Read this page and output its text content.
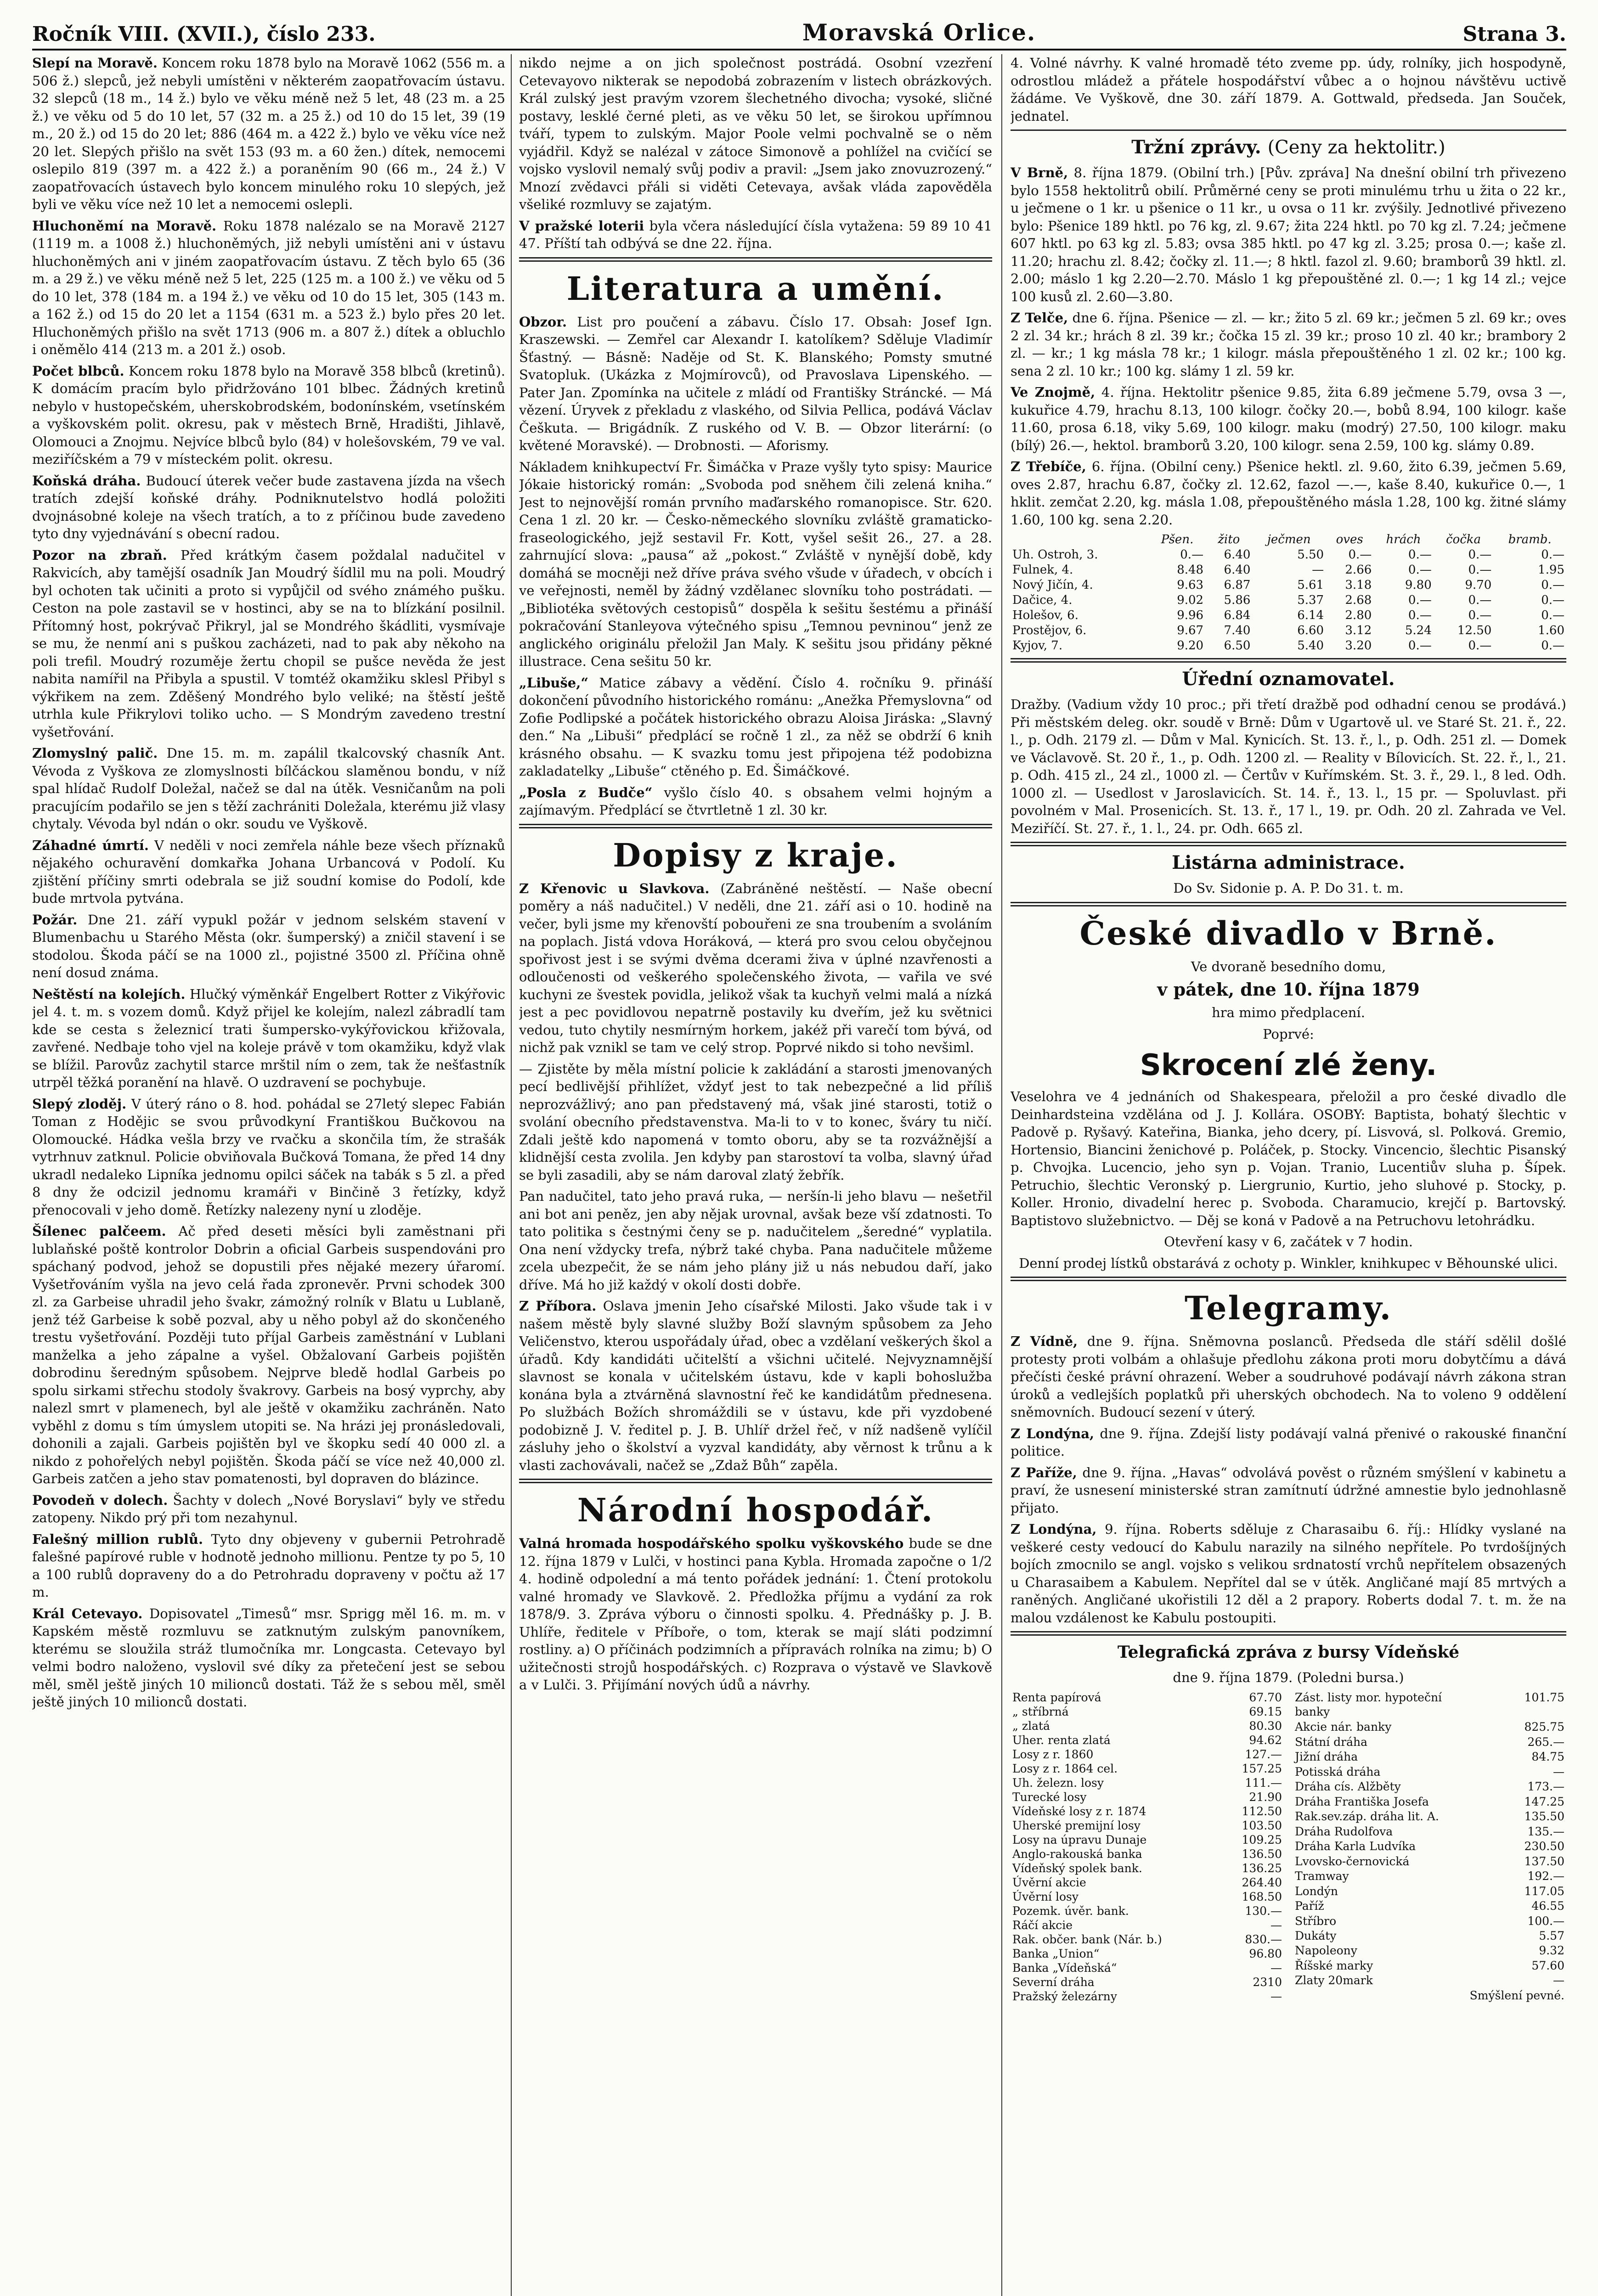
Ročník VIII. (XVII.), číslo 233.	Moravská Orlice.	Strana 3.

Slepí na Moravě. Koncem roku 1878 bylo na Moravě 1062 (556 m. a 506 ž.) slepců, jež nebyli umístěni v některém zaopatřovacím ústavu. 32 slepců (18 m., 14 ž.) bylo ve věku méně než 5 let, 48 (23 m. a 25 ž.) ve věku od 5 do 10 let, 57 (32 m. a 25 ž.) od 10 do 15 let, 39 (19 m., 20 ž.) od 15 do 20 let; 886 (464 m. a 422 ž.) bylo ve věku více než 20 let. Slepých přišlo na svět 153 (93 m. a 60 žen.) dítek, nemocemi oslepilo 819 (397 m. a 422 ž.) a poraněním 90 (66 m., 24 ž.) V zaopatřovacích ústavech bylo koncem minulého roku 10 slepých, jež byli ve věku více než 10 let a nemocemi oslepli.

Hluchoněmí na Moravě. Roku 1878 nalézalo se na Moravě 2127 (1119 m. a 1008 ž.) hluchoněmých, již nebyli umístěni ani v ústavu hluchoněmých ani v jiném zaopatřovacím ústavu. Z těch bylo 65 (36 m. a 29 ž.) ve věku méně než 5 let, 225 (125 m. a 100 ž.) ve věku od 5 do 10 let, 378 (184 m. a 194 ž.) ve věku od 10 do 15 let, 305 (143 m. a 162 ž.) od 15 do 20 let a 1154 (631 m. a 523 ž.) bylo přes 20 let. Hluchoněmých přišlo na svět 1713 (906 m. a 807 ž.) dítek a obluchlo i oněmělo 414 (213 m. a 201 ž.) osob.

Počet blbců. Koncem roku 1878 bylo na Moravě 358 blbců (kretinů). K domácím pracím bylo přidržováno 101 blbec. Žádných kretinů nebylo v hustopečském, uherskobrodském, bodonínském, vsetínském a vyškovském polit. okresu, pak v městech Brně, Hradišti, Jihlavě, Olomouci a Znojmu. Nejvíce blbců bylo (84) v holešovském, 79 ve val. meziříčském a 79 v místeckém polit. okresu.

Koňská dráha. Budoucí úterek večer bude zastavena jízda na všech tratích zdejší koňské dráhy. Podniknutelstvo hodlá položiti dvojnásobné koleje na všech tratích, a to z příčinou bude zavedeno tyto dny vyjednávání s obecní radou.

Pozor na zbraň. Před krátkým časem poždalal nadučitel v Rakvicích, aby tamější osadník Jan Moudrý šídlil mu na poli. Moudrý byl ochoten tak učiniti a proto si vypůjčil od svého známého pušku. Ceston na pole zastavil se v hostinci, aby se na to blízkání posilnil. Přítomný host, pokrývač Přikryl, jal se Mondrého škádliti, vysmívaje se mu, že nenmí ani s puškou zacházeti, nad to pak aby někoho na poli trefil. Moudrý rozuměje žertu chopil se pušce nevěda že jest nabita namířil na Přibyla a spustil. V tomtéž okamžiku sklesl Přibyl s výkřikem na zem. Zděšený Mondrého bylo veliké; na štěstí ještě utrhla kule Přikrylovi toliko ucho. — S Mondrým zavedeno trestní vyšetřování.

Zlomyslný palič. Dne 15. m. m. zapálil tkalcovský chasník Ant. Vévoda z Vyškova ze zlomyslnosti bílčáckou slaměnou bondu, v níž spal hlídač Rudolf Doležal, načež se dal na útěk. Vesničanům na poli pracujícím podařilo se jen s těží zachrániti Doležala, kterému již vlasy chytaly. Vévoda byl ndán o okr. soudu ve Vyškově.

Záhadné úmrtí. V neděli v noci zemřela náhle beze všech příznaků nějakého ochuravění domkařka Johana Urbancová v Podolí. Ku zjištění příčiny smrti odebrala se již soudní komise do Podolí, kde bude mrtvola pytvána.

Požár. Dne 21. září vypukl požár v jednom selském stavení v Blumenbachu u Starého Města (okr. šumperský) a zničil stavení i se stodolou. Škoda páčí se na 1000 zl., pojistné 3500 zl. Příčina ohně není dosud známa.

Neštěstí na kolejích. Hlučký výměnkář Engelbert Rotter z Vikýřovic jel 4. t. m. s vozem domů. Když přijel ke kolejím, nalezl zábradlí tam kde se cesta s železnicí trati šumpersko-vykýřovickou křižovala, zavřené. Nedbaje toho vjel na koleje právě v tom okamžiku, když vlak se blížil. Parovůz zachytil starce mrštil ním o zem, tak že nešťastník utrpěl těžká poranění na hlavě. O uzdravení se pochybuje.

Slepý zloděj. V úterý ráno o 8. hod. pohádal se 27letý slepec Fabián Toman z Hodějic se svou průvodkyní Františkou Bučkovou na Olomoucké. Hádka vešla brzy ve rvačku a skončila tím, že strašák vytrhnuv zatknul. Policie obviňovala Bučková Tomana, že před 14 dny ukradl nedaleko Lipníka jednomu opilci sáček na tabák s 5 zl. a před 8 dny že odcizil jednomu kramáři v Binčině 3 řetízky, když přenocovali v jeho domě. Řetízky nalezeny nyní u zloděje.

Šílenec palčeem. Ač před deseti měsíci byli zaměstnani při lublaňské poště kontrolor Dobrin a oficial Garbeis suspendováni pro spáchaný podvod, jehož se dopustili přes nějaké mezery úřaromí. Vyšetřováním vyšla na jevo celá řada zpronevěr. Prvni schodek 300 zl. za Garbeise uhradil jeho švakr, zámožný rolník v Blatu u Lublaně, jenž též Garbeise k sobě pozval, aby u něho pobyl až do skončeného trestu vyšetřování. Později tuto příjal Garbeis zaměstnání v Lublani manželka a jeho zápalne a vyšel. Obžalovaní Garbeis pojištěn dobrodinu šeredným spůsobem. Nejprve bledě hodlal Garbeis po spolu sirkami střechu stodoly švakrovy. Garbeis na bosý vyprchy, aby nalezl smrt v plamenech, byl ale ještě v okamžiku zachráněn. Nato vyběhl z domu s tím úmyslem utopiti se. Na hrázi jej pronásledovali, dohonili a zajali. Garbeis pojištěn byl ve škopku sedí 40 000 zl. a nikdo z pohořelých nebyl pojištěn. Škoda páčí se více než 40,000 zl. Garbeis zatčen a jeho stav pomatenosti, byl dopraven do blázince.

Povodeň v dolech. Šachty v dolech „Nové Boryslavi“ byly ve středu zatopeny. Nikdo prý při tom nezahynul.

Falešný million rublů. Tyto dny objeveny v gubernii Petrohradě falešné papírové ruble v hodnotě jednoho millionu. Pentze ty po 5, 10 a 100 rublů dopraveny do a do Petrohradu dopraveny v počtu až 17 m.

Král Cetevayo. Dopisovatel „Timesů“ msr. Sprigg měl 16. m. m. v Kapském městě rozmluvu se zatknutým zulským panovníkem, kterému se sloužila stráž tlumočníka mr. Longcasta. Cetevayo byl velmi bodro naloženo, vyslovil své díky za přetečení jest se sebou měl, směl ještě jiných 10 milionců dostati. Táž že s sebou měl, směl ještě jiných 10 milionců dostati.

nikdo nejme a on jich společnost postrádá. Osobní vzezření Cetevayovo nikterak se nepodobá zobrazením v listech obrázkových. Král zulský jest pravým vzorem šlechetného divocha; vysoké, sličné postavy, lesklé černé pleti, as ve věku 50 let, se širokou upřímnou tváří, typem to zulským. Major Poole velmi pochvalně se o něm vyjádřil. Když se nalézal v zátoce Simonově a pohlížel na cvičící se vojsko vyslovil nemalý svůj podiv a pravil: „Jsem jako znovuzrozený.“ Mnozí zvědavci přáli si viděti Cetevaya, avšak vláda zapověděla všeliké rozmluvy se zajatým.

V pražské loterii byla včera následující čísla vytažena: 59 89 10 41 47. Příští tah odbývá se dne 22. října.

Literatura a umění.

Obzor. List pro poučení a zábavu. Číslo 17. Obsah: Josef Ign. Kraszewski. — Zemřel car Alexandr I. katolíkem? Sděluje Vladimír Šťastný. — Básně: Naděje od St. K. Blanského; Pomsty smutné Svatopluk. (Ukázka z Mojmírovců), od Pravoslava Lipenského. — Pater Jan. Zpomínka na učitele z mládí od Františky Stráncké. — Má vězení. Úryvek z překladu z vlaského, od Silvia Pellica, podává Václav Češkuta. — Brigádník. Z ruského od V. B. — Obzor literární: (o květené Moravské). — Drobnosti. — Aforismy.

Nákladem knihkupectví Fr. Šimáčka v Praze vyšly tyto spisy: Maurice Jókaie historický román: „Svoboda pod sněhem čili zelená kniha.“ Jest to nejnovější román prvního maďarského romanopisce. Str. 620. Cena 1 zl. 20 kr. — Česko-německého slovníku zvláště gramaticko-fraseologického, jejž sestavil Fr. Kott, vyšel sešit 26., 27. a 28. zahrnující slova: „pausa“ až „pokost.“ Zvláště v nynější době, kdy domáhá se mocněji než dříve práva svého všude v úřadech, v obcích i ve veřejnosti, neměl by žádný vzdělanec slovníku toho postrádati. — „Bibliotéka světových cestopisů“ dospěla k sešitu šestému a přináší pokračování Stanleyova výtečného spisu „Temnou pevninou“ jenž ze anglického originálu přeložil Jan Maly. K sešitu jsou přidány pěkné illustrace. Cena sešitu 50 kr.

„Libuše,“ Matice zábavy a vědění. Číslo 4. ročníku 9. přináší dokončení původního historického románu: „Anežka Přemyslovna“ od Zofie Podlipské a počátek historického obrazu Aloisa Jiráska: „Slavný den.“ Na „Libuši“ předplácí se ročně 1 zl., za něž se obdrží 6 knih krásného obsahu. — K svazku tomu jest připojena též podobizna zakladatelky „Libuše“ ctěného p. Ed. Šimáčkové.

„Posla z Budče“ vyšlo číslo 40. s obsahem velmi hojným a zajímavým. Předplácí se čtvrtletně 1 zl. 30 kr.

Dopisy z kraje.

Z Křenovic u Slavkova. (Zabráněné neštěstí. — Naše obecní poměry a náš nadučitel.) V neděli, dne 21. září asi o 10. hodině na večer, byli jsme my křenovští pobouřeni ze sna troubením a svoláním na poplach. Jistá vdova Horáková, — která pro svou celou obyčejnou spořivost jest i se svými dvěma dcerami živa v úplné nzavřenosti a odloučenosti od veškerého společenského života, — vařila ve své kuchyni ze švestek povidla, jelikož však ta kuchyň velmi malá a nízká jest a pec povidlovou nepatrně postavily ku dveřím, jež ku světnici vedou, tuto chytily nesmírným horkem, jakéž při varečí tom bývá, od nichž pak vznikl se tam ve celý strop. Poprvé nikdo si toho nevšiml.

— Zjistěte by měla místní policie k zakládání a starosti jmenovaných pecí bedlivější přihlížet, vždyť jest to tak nebezpečné a lid příliš neprozvážlivý; ano pan představený má, však jiné starosti, totiž o svolání obecního představenstva. Ma-li to v to konec, šváry tu ničí. Zdali ještě kdo napomená v tomto oboru, aby se ta rozvážnější a klidnější cesta zvolila. Jen kdyby pan starostoví ta volba, slavný úřad se byli zasadili, aby se nám daroval zlatý žebřík.

Pan nadučitel, tato jeho pravá ruka, — neršín-li jeho blavu — nešetřil ani bot ani peněz, jen aby nějak urovnal, avšak beze vší zdatnosti. To tato politika s čestnými čeny se p. nadučitelem „šeredné“ vyplatila. Ona není vždycky trefa, nýbrž také chyba. Pana nadučitele můžeme zcela ubezpečit, že se nám jeho plány již u nás nebudou daří, jako dříve. Má ho již každý v okolí dosti dobře.

Z Příbora. Oslava jmenin Jeho císařské Milosti. Jako všude tak i v našem městě byly slavné služby Boží slavným spůsobem za Jeho Veličenstvo, kterou uspořádaly úřad, obec a vzdělaní veškerých škol a úřadů. Kdy kandidáti učitelští a všichni učitelé. Nejvyznamnější slavnost se konala v učitelském ústavu, kde v kapli bohoslužba konána byla a ztvárněná slavnostní řeč ke kandidátům přednesena. Po službách Božích shromáždili se v ústavu, kde při vyzdobené podobizně J. V. ředitel p. J. B. Uhlíř držel řeč, v níž nadšeně vylíčil zásluhy jeho o školství a vyzval kandidáty, aby věrnost k trůnu a k vlasti zachovávali, načež se „Zdaž Bůh“ zapěla.

Národní hospodář.

Valná hromada hospodářského spolku vyškovského bude se dne 12. října 1879 v Lulči, v hostinci pana Kybla. Hromada započne o 1/2 4. hodině odpolední a má tento pořádek jednání: 1. Čtení protokolu valné hromady ve Slavkově. 2. Předložka příjmu a vydání za rok 1878/9. 3. Zpráva výboru o činnosti spolku. 4. Přednášky p. J. B. Uhlíře, ředitele v Příboře, o tom, kterak se mají sláti podzimní rostliny. a) O příčinách podzimních a přípravách rolníka na zimu; b) O užitečnosti strojů hospodářských. c) Rozprava o výstavě ve Slavkově a v Lulči. 3. Přijímání nových údů a návrhy.

4. Volné návrhy. K valné hromadě této zveme pp. údy, rolníky, jich hospodyně, odrostlou mládež a přátele hospodářství vůbec a o hojnou návštěvu uctivě žádáme. Ve Vyškově, dne 30. září 1879. A. Gottwald, předseda. Jan Souček, jednatel.

Tržní zprávy. (Ceny za hektolitr.)

V Brně, 8. října 1879. (Obilní trh.) [Pův. zpráva] Na dnešní obilní trh přivezeno bylo 1558 hektolitrů obilí. Průměrné ceny se proti minulému trhu u žita o 22 kr., u ječmene o 1 kr. u pšenice o 11 kr., u ovsa o 11 kr. zvýšily. Jednotlivé přivezeno bylo: Pšenice 189 hktl. po 76 kg, zl. 9.67; žita 224 hktl. po 70 kg zl. 7.24; ječmene 607 hktl. po 63 kg zl. 5.83; ovsa 385 hktl. po 47 kg zl. 3.25; prosa 0.—; kaše zl. 11.20; hrachu zl. 8.42; čočky zl. 11.—; 8 hktl. fazol zl. 9.60; bramborů 39 hktl. zl. 2.00; máslo 1 kg 2.20—2.70. Máslo 1 kg přepouštěné zl. 0.—; 1 kg 14 zl.; vejce 100 kusů zl. 2.60—3.80.

Z Telče, dne 6. října. Pšenice — zl. — kr.; žito 5 zl. 69 kr.; ječmen 5 zl. 69 kr.; oves 2 zl. 34 kr.; hrách 8 zl. 39 kr.; čočka 15 zl. 39 kr.; proso 10 zl. 40 kr.; brambory 2 zl. — kr.; 1 kg másla 78 kr.; 1 kilogr. másla přepouštěného 1 zl. 02 kr.; 100 kg. sena 2 zl. 10 kr.; 100 kg. slámy 1 zl. 59 kr.

Ve Znojmě, 4. října. Hektolitr pšenice 9.85, žita 6.89 ječmene 5.79, ovsa 3 —, kukuřice 4.79, hrachu 8.13, 100 kilogr. čočky 20.—, bobů 8.94, 100 kilogr. kaše 11.60, prosa 6.18, viky 5.69, 100 kilogr. maku (modrý) 27.50, 100 kilogr. maku (bílý) 26.—, hektol. bramborů 3.20, 100 kilogr. sena 2.59, 100 kg. slámy 0.89.

Z Třebíče, 6. října. (Obilní ceny.) Pšenice hektl. zl. 9.60, žito 6.39, ječmen 5.69, oves 2.87, hrachu 6.87, čočky zl. 12.62, fazol —.—, kaše 8.40, kukuřice 0.—, 1 hklit. zemčat 2.20, kg. másla 1.08, přepouštěného másla 1.28, 100 kg. žitné slámy 1.60, 100 kg. sena 2.20.

	Pšen.	žito	ječmen	oves	hrách	čočka	bramb.
Uh. Ostroh, 3.	0.—	6.40	5.50	0.—	0.—	0.—	0.—
Fulnek, 4.	8.48	6.40	—	2.66	0.—	0.—	1.95
Nový Jičín, 4.	9.63	6.87	5.61	3.18	9.80	9.70	0.—
Dačice, 4.	9.02	5.86	5.37	2.68	0.—	0.—	0.—
Holešov, 6.	9.96	6.84	6.14	2.80	0.—	0.—	0.—
Prostějov, 6.	9.67	7.40	6.60	3.12	5.24	12.50	1.60
Kyjov, 7.	9.20	6.50	5.40	3.20	0.—	0.—	0.—
Úřední oznamovatel.

Dražby. (Vadium vždy 10 proc.; při třetí dražbě pod odhadní cenou se prodává.) Při městském deleg. okr. soudě v Brně: Dům v Ugartově ul. ve Staré St. 21. ř., 22. l., p. Odh. 2179 zl. — Dům v Mal. Kynicích. St. 13. ř., l., p. Odh. 251 zl. — Domek ve Václavově. St. 20 ř., 1., p. Odh. 1200 zl. — Reality v Bílovicích. St. 22. ř., l., 21. p. Odh. 415 zl., 24 zl., 1000 zl. — Čertův v Kuřímském. St. 3. ř., 29. l., 8 led. Odh. 1000 zl. — Usedlost v Jaroslavicích. St. 14. ř., 13. l., 15 pr. — Spoluvlast. při povolném v Mal. Prosenicích. St. 13. ř., 17 l., 19. pr. Odh. 20 zl. Zahrada ve Vel. Meziříčí. St. 27. ř., 1. l., 24. pr. Odh. 665 zl.

Listárna administrace.

Do Sv. Sidonie p. A. P. Do 31. t. m.

České divadlo v Brně.

Ve dvoraně besedního domu,

v pátek, dne 10. října 1879

hra mimo předplacení.

Poprvé:

Skrocení zlé ženy.

Veselohra ve 4 jednáních od Shakespeara, přeložil a pro české divadlo dle Deinhardsteina vzdělána od J. J. Kollára. OSOBY: Baptista, bohatý šlechtic v Padově p. Ryšavý. Kateřina, Bianka, jeho dcery, pí. Lisvová, sl. Polková. Gremio, Hortensio, Biancini ženichové p. Poláček, p. Stocky. Vincencio, šlechtic Pisanský p. Chvojka. Lucencio, jeho syn p. Vojan. Tranio, Lucentiův sluha p. Šípek. Petruchio, šlechtic Veronský p. Liergrunio, Kurtio, jeho sluhové p. Stocky, p. Koller. Hronio, divadelní herec p. Svoboda. Charamucio, krejčí p. Bartovský. Baptistovo služebnictvo. — Děj se koná v Padově a na Petruchovu letohrádku.

Otevření kasy v 6, začátek v 7 hodin.

Denní prodej lístků obstarává z ochoty p. Winkler, knihkupec v Běhounské ulici.

Telegramy.

Z Vídně, dne 9. října. Sněmovna poslanců. Předseda dle stáří sdělil došlé protesty proti volbám a ohlašuje předlohu zákona proti moru dobytčímu a dává přečísti české právní ohrazení. Weber a soudruhové podávají návrh zákona stran úroků a vedlejších poplatků při uherských obchodech. Na to voleno 9 oddělení sněmovních. Budoucí sezení v úterý.

Z Londýna, dne 9. října. Zdejší listy podávají valná přenivé o rakouské finanční politice.

Z Paříže, dne 9. října. „Havas“ odvolává pověst o různém smýšlení v kabinetu a praví, že usnesení ministerské stran zamítnutí údržné amnestie bylo jednohlasně přijato.

Z Londýna, 9. října. Roberts sděluje z Charasaibu 6. říj.: Hlídky vyslané na veškeré cesty vedoucí do Kabulu narazily na silného nepřítele. Po tvrdošíjných bojích zmocnilo se angl. vojsko s velikou srdnatostí vrchů nepřítelem obsazených u Charasaibem a Kabulem. Nepřítel dal se v útěk. Angličané mají 85 mrtvých a raněných. Angličané ukořistili 12 děl a 2 prapory. Roberts dodal 7. t. m. že na malou vzdálenost ke Kabulu postoupiti.

Telegrafická zpráva z bursy Vídeňské

dne 9. října 1879. (Poledni bursa.)

Renta papírová	67.70
„ stříbrná	69.15
„ zlatá	80.30
Uher. renta zlatá	94.62
Losy z r. 1860	127.—
Losy z r. 1864 cel.	157.25
Uh. železn. losy	111.—
Turecké losy	21.90
Vídeňské losy z r. 1874	112.50
Uherské premijní losy	103.50
Losy na úpravu Dunaje	109.25
Anglo-rakouská banka	136.50
Vídeňský spolek bank.	136.25
Úvěrní akcie	264.40
Úvěrní losy	168.50
Pozemk. úvěr. bank.	130.—
Ráčí akcie	—
Rak. občer. bank (Nár. b.)	830.—
Banka „Union“	96.80
Banka „Vídeňská“	—
Severní dráha	2310
Pražský železárny	—
Zást. listy mor. hypoteční banky	101.75
Akcie nár. banky	825.75
Státní dráha	265.—
Jižní dráha	84.75
Potisská dráha	—
Dráha cís. Alžběty	173.—
Dráha Františka Josefa	147.25
Rak.sev.záp. dráha lit. A.	135.50
Dráha Rudolfova	135.—
Dráha Karla Ludvíka	230.50
Lvovsko-černovická	137.50
Tramway	192.—
Londýn	117.05
Paříž	46.55
Stříbro	100.—
Dukáty	5.57
Napoleony	9.32
Říšské marky	57.60
Zlaty 20mark	—
	Smýšlení pevné.
